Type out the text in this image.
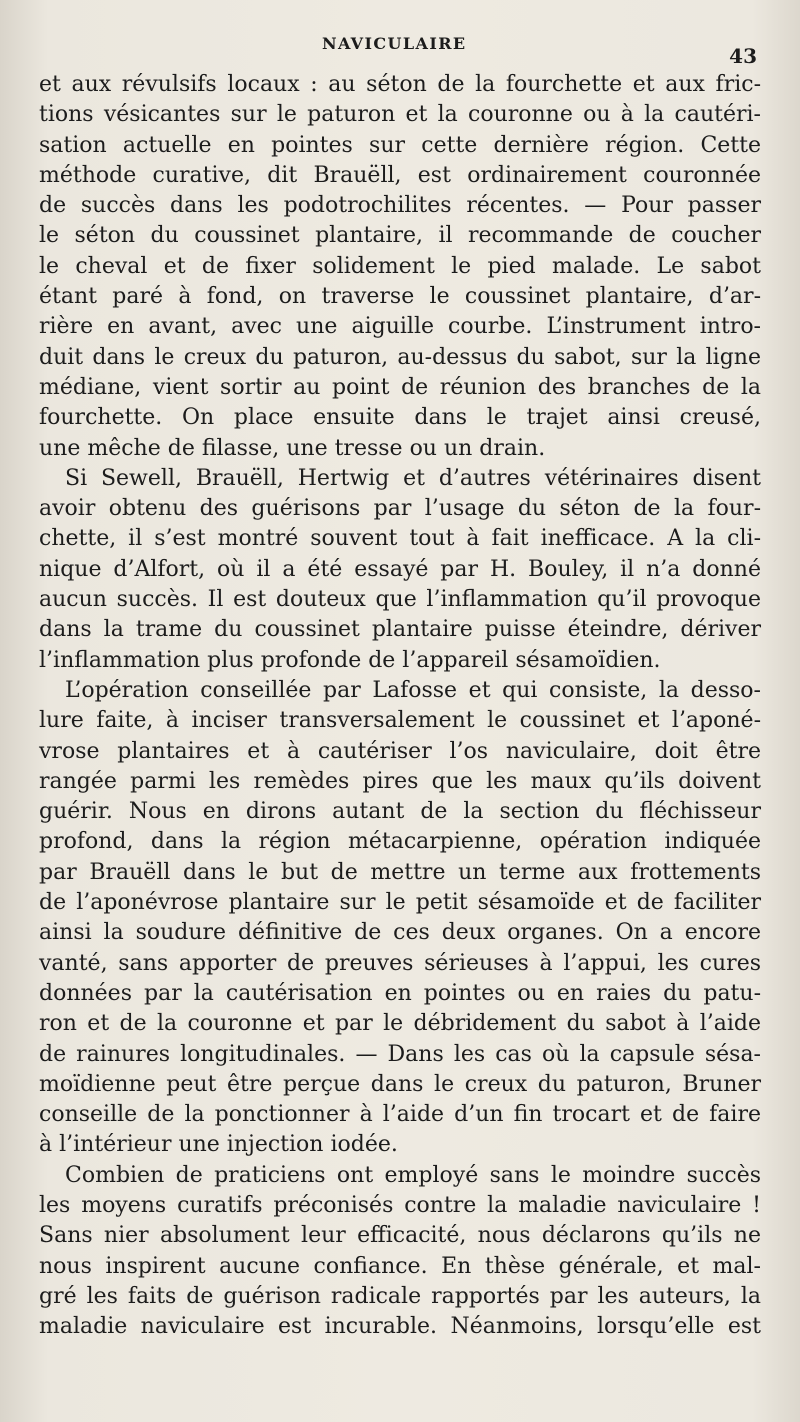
NAVICULAIRE
43
et aux révulsifs locaux : au séton de la fourchette et aux fric-
tions vésicantes sur le paturon et la couronne ou à la cautéri-
sation actuelle en pointes sur cette dernière région. Cette
méthode curative, dit Brauëll, est ordinairement couronnée
de succès dans les podotrochilites récentes. — Pour passer
le séton du coussinet plantaire, il recommande de coucher
le cheval et de fixer solidement le pied malade. Le sabot
étant paré à fond, on traverse le coussinet plantaire, d’ar-
rière en avant, avec une aiguille courbe. L’instrument intro-
duit dans le creux du paturon, au-dessus du sabot, sur la ligne
médiane, vient sortir au point de réunion des branches de la
fourchette. On place ensuite dans le trajet ainsi creusé,
une mêche de filasse, une tresse ou un drain.
Si Sewell, Brauëll, Hertwig et d’autres vétérinaires disent
avoir obtenu des guérisons par l’usage du séton de la four-
chette, il s’est montré souvent tout à fait inefficace. A la cli-
nique d’Alfort, où il a été essayé par H. Bouley, il n’a donné
aucun succès. Il est douteux que l’inflammation qu’il provoque
dans la trame du coussinet plantaire puisse éteindre, dériver
l’inflammation plus profonde de l’appareil sésamoïdien.
L’opération conseillée par Lafosse et qui consiste, la desso-
lure faite, à inciser transversalement le coussinet et l’aponé-
vrose plantaires et à cautériser l’os naviculaire, doit être
rangée parmi les remèdes pires que les maux qu’ils doivent
guérir. Nous en dirons autant de la section du fléchisseur
profond, dans la région métacarpienne, opération indiquée
par Brauëll dans le but de mettre un terme aux frottements
de l’aponévrose plantaire sur le petit sésamoïde et de faciliter
ainsi la soudure définitive de ces deux organes. On a encore
vanté, sans apporter de preuves sérieuses à l’appui, les cures
données par la cautérisation en pointes ou en raies du patu-
ron et de la couronne et par le débridement du sabot à l’aide
de rainures longitudinales. — Dans les cas où la capsule sésa-
moïdienne peut être perçue dans le creux du paturon, Bruner
conseille de la ponctionner à l’aide d’un fin trocart et de faire
à l’intérieur une injection iodée.
Combien de praticiens ont employé sans le moindre succès
les moyens curatifs préconisés contre la maladie naviculaire !
Sans nier absolument leur efficacité, nous déclarons qu’ils ne
nous inspirent aucune confiance. En thèse générale, et mal-
gré les faits de guérison radicale rapportés par les auteurs, la
maladie naviculaire est incurable. Néanmoins, lorsqu’elle est
